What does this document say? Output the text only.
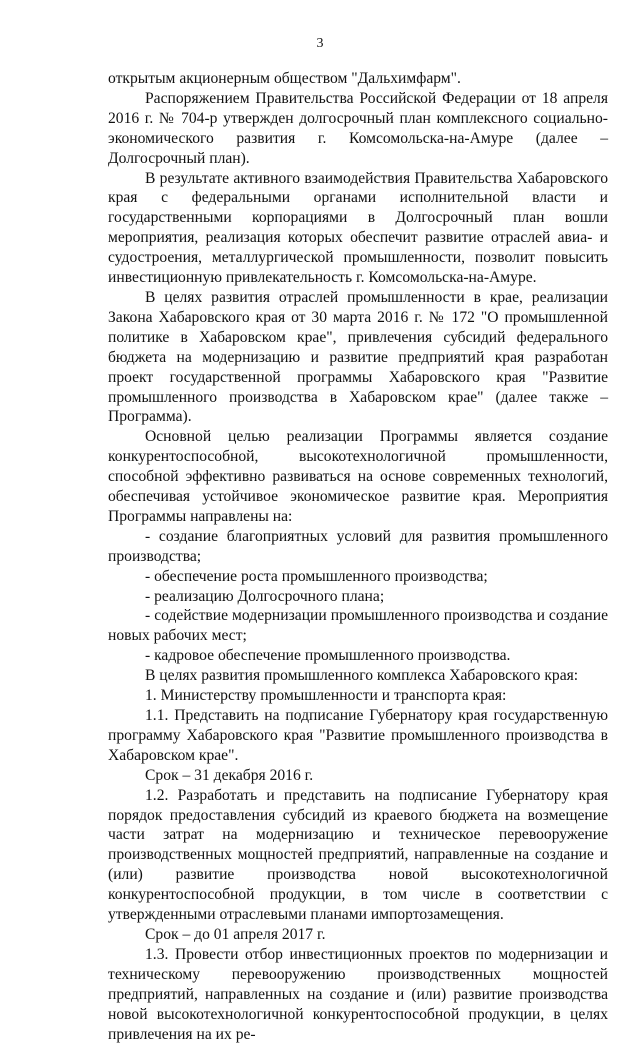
3

открытым акционерным обществом "Дальхимфарм".

Распоряжением Правительства Российской Федерации от 18 апреля 2016 г. № 704-р утвержден долгосрочный план комплексного социально-экономического развития г. Комсомольска-на-Амуре (далее – Долгосрочный план).

В результате активного взаимодействия Правительства Хабаровского края с федеральными органами исполнительной власти и государственными корпорациями в Долгосрочный план вошли мероприятия, реализация которых обеспечит развитие отраслей авиа- и судостроения, металлургической промышленности, позволит повысить инвестиционную привлекательность г. Комсомольска-на-Амуре.

В целях развития отраслей промышленности в крае, реализации Закона Хабаровского края от 30 марта 2016 г. № 172 "О промышленной политике в Хабаровском крае", привлечения субсидий федерального бюджета на модернизацию и развитие предприятий края разработан проект государственной программы Хабаровского края "Развитие промышленного производства в Хабаровском крае" (далее также – Программа).

Основной целью реализации Программы является создание конкурентоспособной, высокотехнологичной промышленности, способной эффективно развиваться на основе современных технологий, обеспечивая устойчивое экономическое развитие края. Мероприятия Программы направлены на:

- создание благоприятных условий для развития промышленного производства;

- обеспечение роста промышленного производства;

- реализацию Долгосрочного плана;

- содействие модернизации промышленного производства и создание новых рабочих мест;

- кадровое обеспечение промышленного производства.

В целях развития промышленного комплекса Хабаровского края:

1. Министерству промышленности и транспорта края:

1.1. Представить на подписание Губернатору края государственную программу Хабаровского края "Развитие промышленного производства в Хабаровском крае".

Срок – 31 декабря 2016 г.

1.2. Разработать и представить на подписание Губернатору края порядок предоставления субсидий из краевого бюджета на возмещение части затрат на модернизацию и техническое перевооружение производственных мощностей предприятий, направленные на создание и (или) развитие производства новой высокотехнологичной конкурентоспособной продукции, в том числе в соответствии с утвержденными отраслевыми планами импортозамещения.

Срок – до 01 апреля 2017 г.

1.3. Провести отбор инвестиционных проектов по модернизации и техническому перевооружению производственных мощностей предприятий, направленных на создание и (или) развитие производства новой высокотехнологичной конкурентоспособной продукции, в целях привлечения на их ре-
